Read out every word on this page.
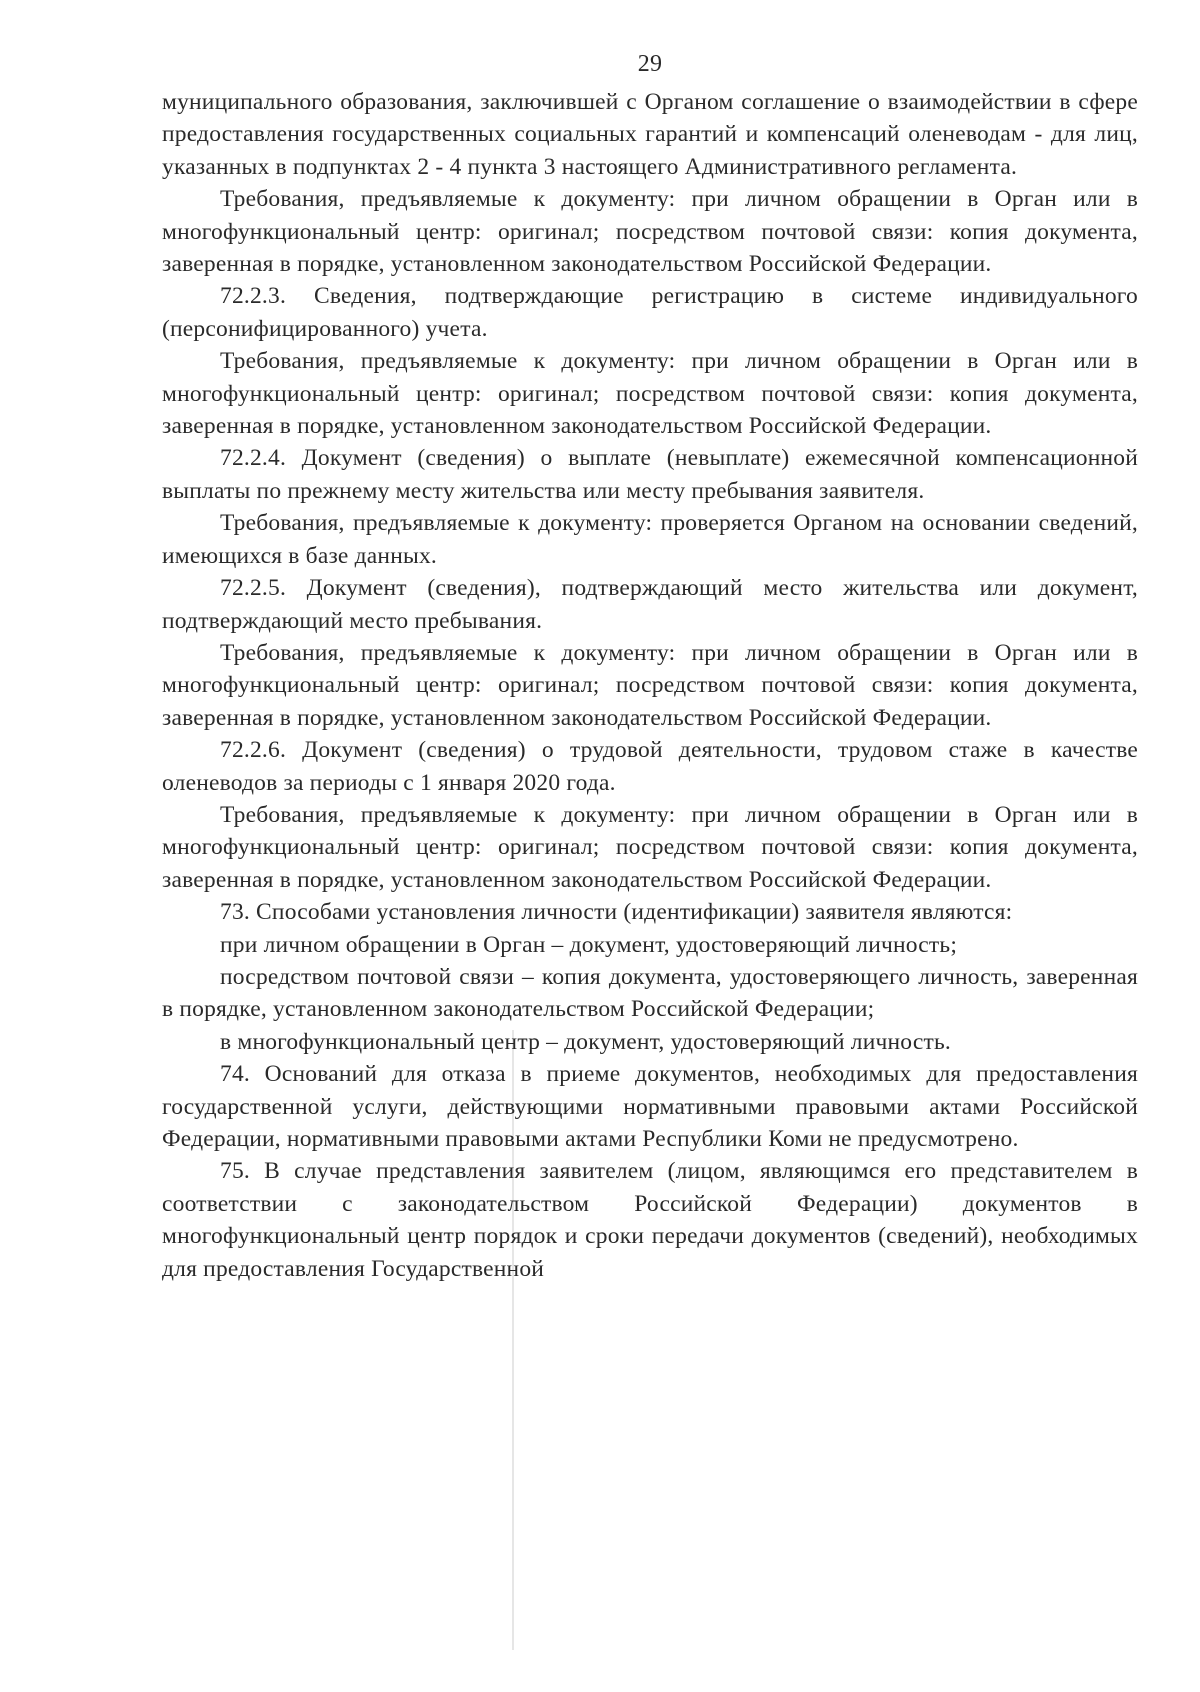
29

муниципального образования, заключившей с Органом соглашение о взаимодействии в сфере предоставления государственных социальных гарантий и компенсаций оленеводам - для лиц, указанных в подпунктах 2 - 4 пункта 3 настоящего Административного регламента.

Требования, предъявляемые к документу: при личном обращении в Орган или в многофункциональный центр: оригинал; посредством почтовой связи: копия документа, заверенная в порядке, установленном законодательством Российской Федерации.

72.2.3. Сведения, подтверждающие регистрацию в системе индивидуального (персонифицированного) учета.

Требования, предъявляемые к документу: при личном обращении в Орган или в многофункциональный центр: оригинал; посредством почтовой связи: копия документа, заверенная в порядке, установленном законодательством Российской Федерации.

72.2.4. Документ (сведения) о выплате (невыплате) ежемесячной компенсационной выплаты по прежнему месту жительства или месту пребывания заявителя.

Требования, предъявляемые к документу: проверяется Органом на основании сведений, имеющихся в базе данных.

72.2.5. Документ (сведения), подтверждающий место жительства или документ, подтверждающий место пребывания.

Требования, предъявляемые к документу: при личном обращении в Орган или в многофункциональный центр: оригинал; посредством почтовой связи: копия документа, заверенная в порядке, установленном законодательством Российской Федерации.

72.2.6. Документ (сведения) о трудовой деятельности, трудовом стаже в качестве оленеводов за периоды с 1 января 2020 года.

Требования, предъявляемые к документу: при личном обращении в Орган или в многофункциональный центр: оригинал; посредством почтовой связи: копия документа, заверенная в порядке, установленном законодательством Российской Федерации.

73. Способами установления личности (идентификации) заявителя являются:

при личном обращении в Орган – документ, удостоверяющий личность;

посредством почтовой связи – копия документа, удостоверяющего личность, заверенная в порядке, установленном законодательством Российской Федерации;

в многофункциональный центр – документ, удостоверяющий личность.

74. Оснований для отказа в приеме документов, необходимых для предоставления государственной услуги, действующими нормативными правовыми актами Российской Федерации, нормативными правовыми актами Республики Коми не предусмотрено.

75. В случае представления заявителем (лицом, являющимся его представителем в соответствии с законодательством Российской Федерации) документов в многофункциональный центр порядок и сроки передачи документов (сведений), необходимых для предоставления Государственной
